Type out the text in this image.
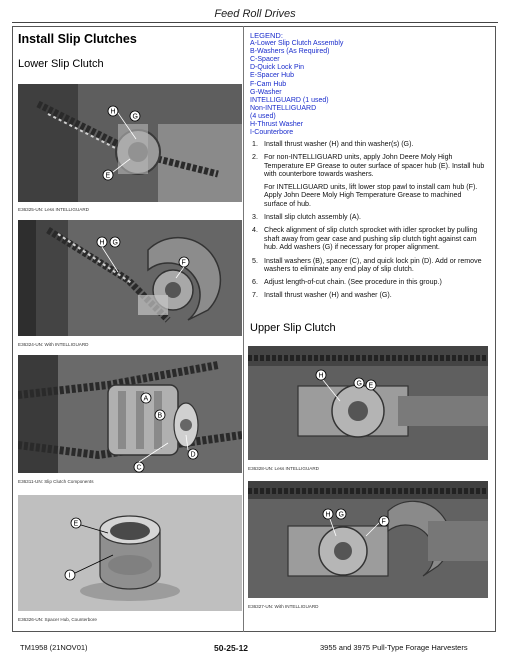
Feed Roll Drives
Install Slip Clutches
Lower Slip Clutch
LEGEND:
A-Lower Slip Clutch Assembly
B-Washers (As Required)
C-Spacer
D-Quick Lock Pin
E-Spacer Hub
F-Cam Hub
G-Washer
INTELLIGUARD (1 used)
Non-INTELLIGUARD
(4 used)
H-Thrust Washer
I-Counterbore
H
G
E
E36325-UN: Less INTELLIGUARD
H G
F
E36324-UN: With INTELLIGUARD
A
B
D
C
E36311-UN: Slip Clutch Components
E
I
E36326-UN: Spacer Hub, Counterbore
1. Install thrust washer (H) and thin washer(s) (G).
2. For non-INTELLIGUARD units, apply John Deere Moly High Temperature EP Grease to outer surface of spacer hub (E). Install hub with counterbore towards washers.
For INTELLIGUARD units, lift lower stop pawl to install cam hub (F). Apply John Deere Moly High Temperature Grease to machined surface of hub.
3. Install slip clutch assembly (A).
4. Check alignment of slip clutch sprocket with idler sprocket by pulling shaft away from gear case and pushing slip clutch tight against cam hub. Add washers (G) if necessary for proper alignment.
5. Install washers (B), spacer (C), and quick lock pin (D). Add or remove washers to eliminate any end play of slip clutch.
6. Adjust length-of-cut chain. (See procedure in this group.)
7. Install thrust washer (H) and washer (G).
Upper Slip Clutch
H
G E
E36328-UN: Less INTELLIGUARD
H G
F
E36327-UN: With INTELLIGUARD
TM1958 (21NOV01)	50-25-12	3955 and 3975 Pull-Type Forage Harvesters
